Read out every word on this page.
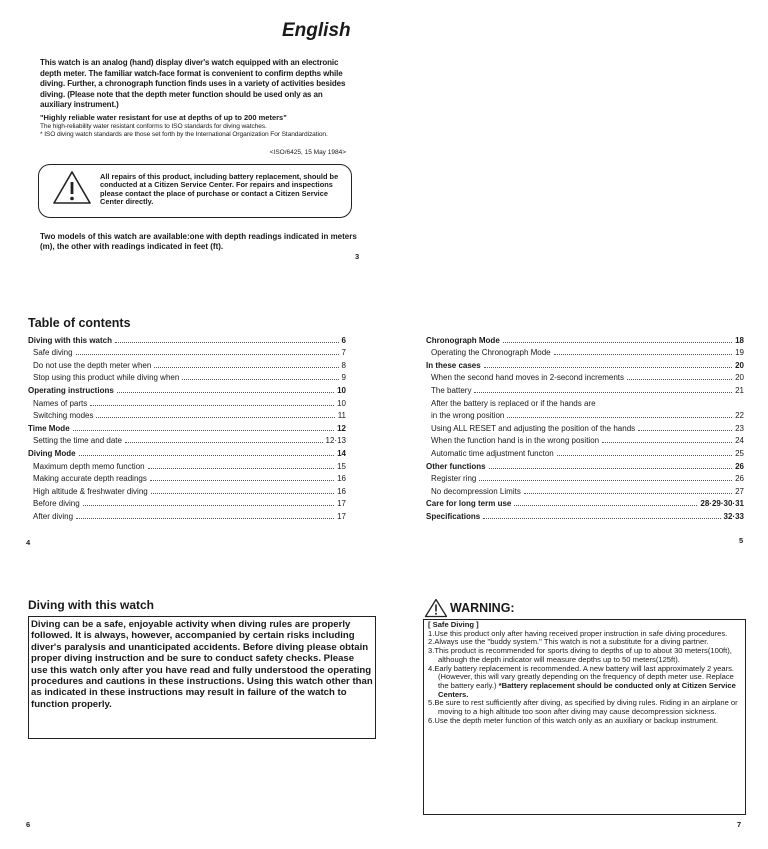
English
This watch is an analog (hand) display diver's watch equipped with an electronic depth meter. The familiar watch-face format is convenient to confirm depths while diving. Further, a chronograph function finds uses in a variety of activities besides diving. (Please note that the depth meter function should be used only as an auxiliary instrument.)
"Highly reliable water resistant for use at depths of up to 200 meters"
The high-reliability water resistant conforms to ISO standards for diving watches.
* ISO diving watch standards are those set forth by the International Organization For Standardization.
<ISO/6425, 15 May 1984>
All repairs of this product, including battery replacement, should be conducted at a Citizen Service Center. For repairs and inspections please contact the place of purchase or contact a Citizen Service Center directly.
Two models of this watch are available:one with depth readings indicated in meters (m), the other with readings indicated in feet (ft).
3
Table of contents
Diving with this watch	6
Safe diving	7
Do not use the depth meter when	8
Stop using this product while diving when	9
Operating instructions	10
Names of parts	10
Switching modes	11
Time Mode	12
Setting the time and date	12·13
Diving Mode	14
Maximum depth memo function	15
Making accurate depth readings	16
High altitude & freshwater diving	16
Before diving	17
After diving	17
4
Chronograph Mode	18
Operating the Chronograph Mode	19
In these cases	20
When the second hand moves in 2-second increments	20
The battery	21
After the battery is replaced or if the hands are
in the wrong position	22
Using ALL RESET and adjusting the position of the hands	23
When the function hand is in the wrong position	24
Automatic time adjustment functon	25
Other functions	26
Register ring	26
No decompression Limits	27
Care for long term use	28·29·30·31
Specifications	32·33
5
Diving with this watch
Diving can be a safe, enjoyable activity when diving rules are properly followed. It is always, however, accompanied by certain risks including diver's paralysis and unanticipated accidents. Before diving please obtain proper diving instruction and be sure to conduct safety checks. Please use this watch only after you have read and fully understood the operating procedures and cautions in these instructions. Using this watch other than as indicated in these instructions may result in failure of the watch to function properly.
6
WARNING:
[ Safe Diving ]
1.Use this product only after having received proper instruction in safe diving procedures.
2.Always use the "buddy system." This watch is not a substitute for a diving partner.
3.This product is recommended for sports diving to depths of up to about 30 meters(100ft), although the depth indicator will measure depths up to 50 meters(125ft).
4.Early battery replacement is recommended. A new battery will last approximately 2 years. (However, this will vary greatly depending on the frequency of depth meter use. Replace the battery early.) *Battery replacement should be conducted only at Citizen Service Centers.
5.Be sure to rest sufficiently after diving, as specified by diving rules. Riding in an airplane or moving to a high altitude too soon after diving may cause decompression sickness.
6.Use the depth meter function of this watch only as an auxiliary or backup instrument.
7
